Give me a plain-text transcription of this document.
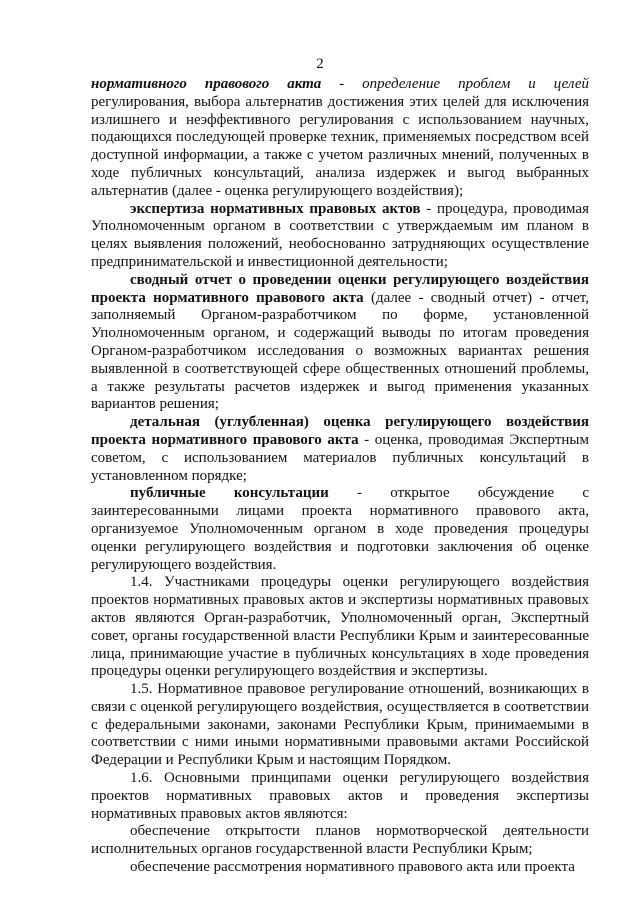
2

нормативного правового акта - определение проблем и целей регулирования, выбора альтернатив достижения этих целей для исключения излишнего и неэффективного регулирования с использованием научных, подающихся последующей проверке техник, применяемых посредством всей доступной информации, а также с учетом различных мнений, полученных в ходе публичных консультаций, анализа издержек и выгод выбранных альтернатив (далее - оценка регулирующего воздействия);

экспертиза нормативных правовых актов - процедура, проводимая Уполномоченным органом в соответствии с утверждаемым им планом в целях выявления положений, необоснованно затрудняющих осуществление предпринимательской и инвестиционной деятельности;

сводный отчет о проведении оценки регулирующего воздействия проекта нормативного правового акта (далее - сводный отчет) - отчет, заполняемый Органом-разработчиком по форме, установленной Уполномоченным органом, и содержащий выводы по итогам проведения Органом-разработчиком исследования о возможных вариантах решения выявленной в соответствующей сфере общественных отношений проблемы, а также результаты расчетов издержек и выгод применения указанных вариантов решения;

детальная (углубленная) оценка регулирующего воздействия проекта нормативного правового акта - оценка, проводимая Экспертным советом, с использованием материалов публичных консультаций в установленном порядке;

публичные консультации - открытое обсуждение с заинтересованными лицами проекта нормативного правового акта, организуемое Уполномоченным органом в ходе проведения процедуры оценки регулирующего воздействия и подготовки заключения об оценке регулирующего воздействия.

1.4. Участниками процедуры оценки регулирующего воздействия проектов нормативных правовых актов и экспертизы нормативных правовых актов являются Орган-разработчик, Уполномоченный орган, Экспертный совет, органы государственной власти Республики Крым и заинтересованные лица, принимающие участие в публичных консультациях в ходе проведения процедуры оценки регулирующего воздействия и экспертизы.

1.5. Нормативное правовое регулирование отношений, возникающих в связи с оценкой регулирующего воздействия, осуществляется в соответствии с федеральными законами, законами Республики Крым, принимаемыми в соответствии с ними иными нормативными правовыми актами Российской Федерации и Республики Крым и настоящим Порядком.

1.6. Основными принципами оценки регулирующего воздействия проектов нормативных правовых актов и проведения экспертизы нормативных правовых актов являются:

обеспечение открытости планов нормотворческой деятельности исполнительных органов государственной власти Республики Крым;

обеспечение рассмотрения нормативного правового акта или проекта
